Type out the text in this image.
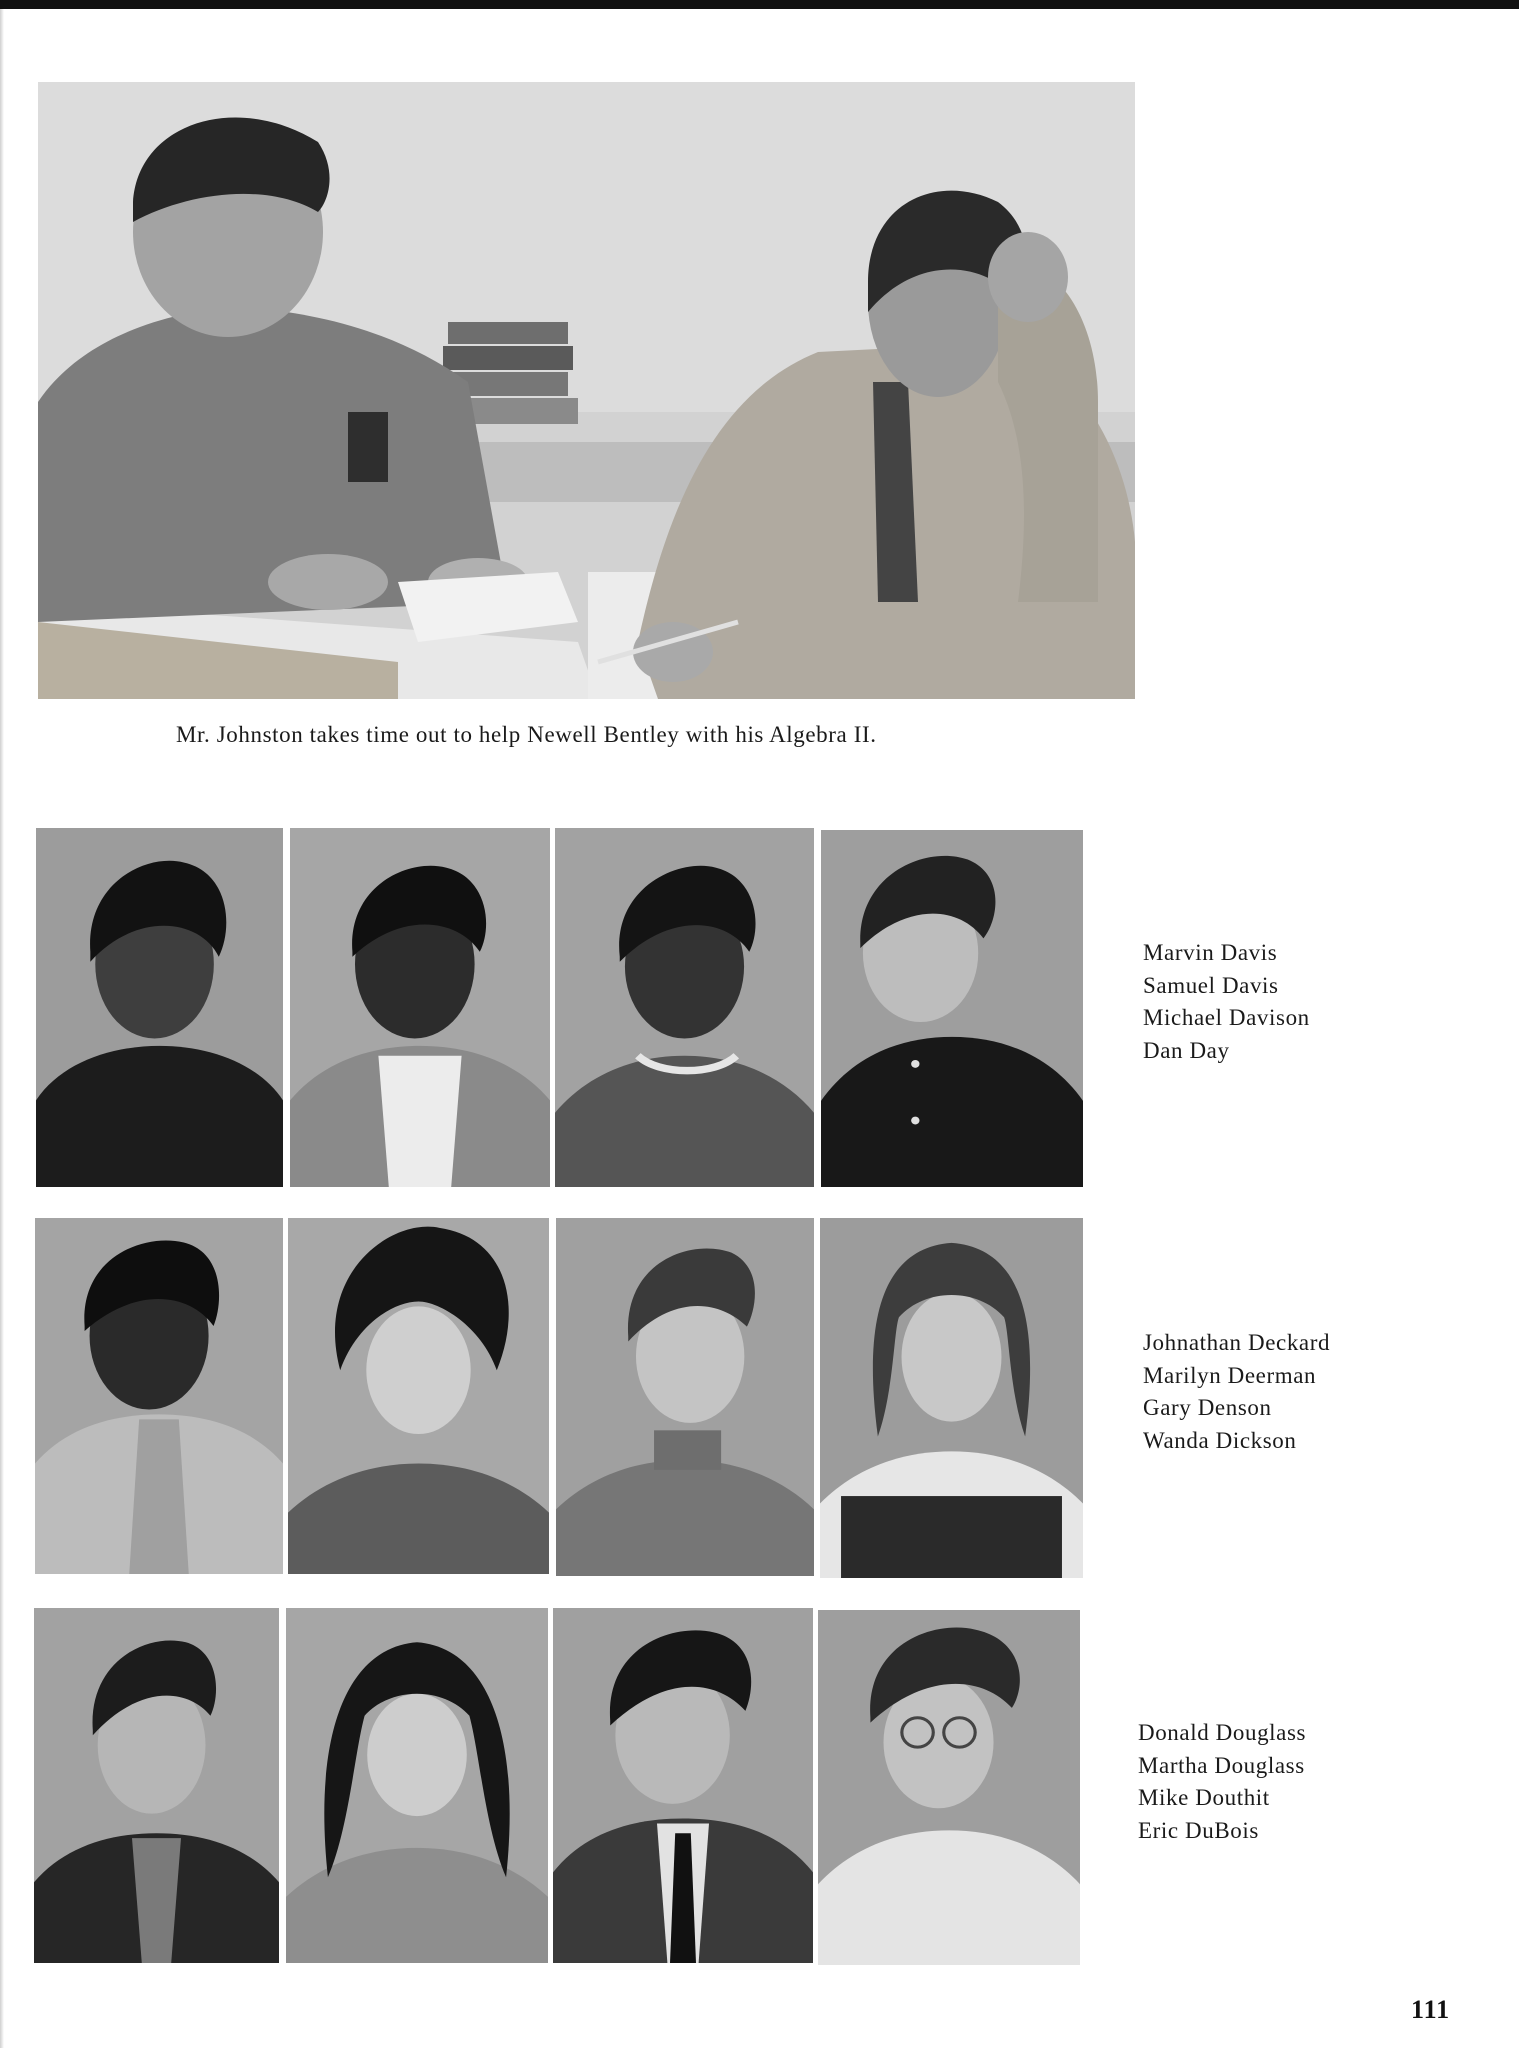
Mr. Johnston takes time out to help Newell Bentley with his Algebra II.
Marvin Davis
Samuel Davis
Michael Davison
Dan Day
Johnathan Deckard
Marilyn Deerman
Gary Denson
Wanda Dickson
Donald Douglass
Martha Douglass
Mike Douthit
Eric DuBois
111
